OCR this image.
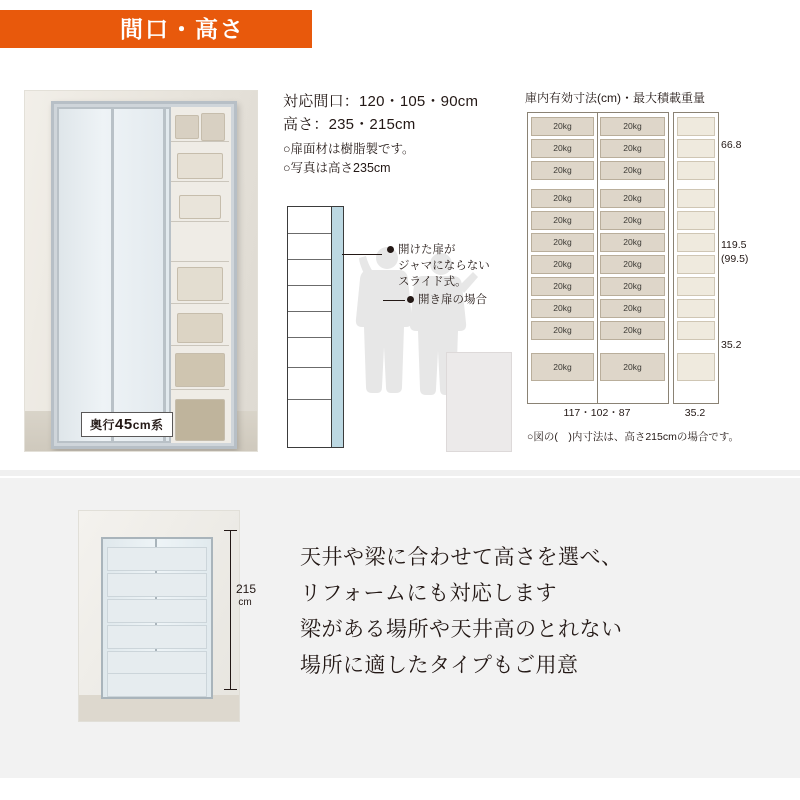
間口・高さ
奥行45cm系
対応間口：120・105・90cm
高さ：235・215cm
○扉面材は樹脂製です。
○写真は高さ235cm
開けた扉が
ジャマにならない
スライド式。
開き扉の場合
庫内有効寸法(cm)・最大積載重量
20kg
20kg
20kg
20kg
20kg
20kg
20kg
20kg
20kg
20kg
20kg
20kg
20kg
20kg
20kg
20kg
20kg
20kg
20kg
20kg
20kg
20kg
66.8
119.5
(99.5)
35.2
117・102・87	35.2
○図の(　)内寸法は、高さ215cmの場合です。
215
cm
天井や梁に合わせて高さを選べ、
リフォームにも対応します
梁がある場所や天井高のとれない
場所に適したタイプもご用意
